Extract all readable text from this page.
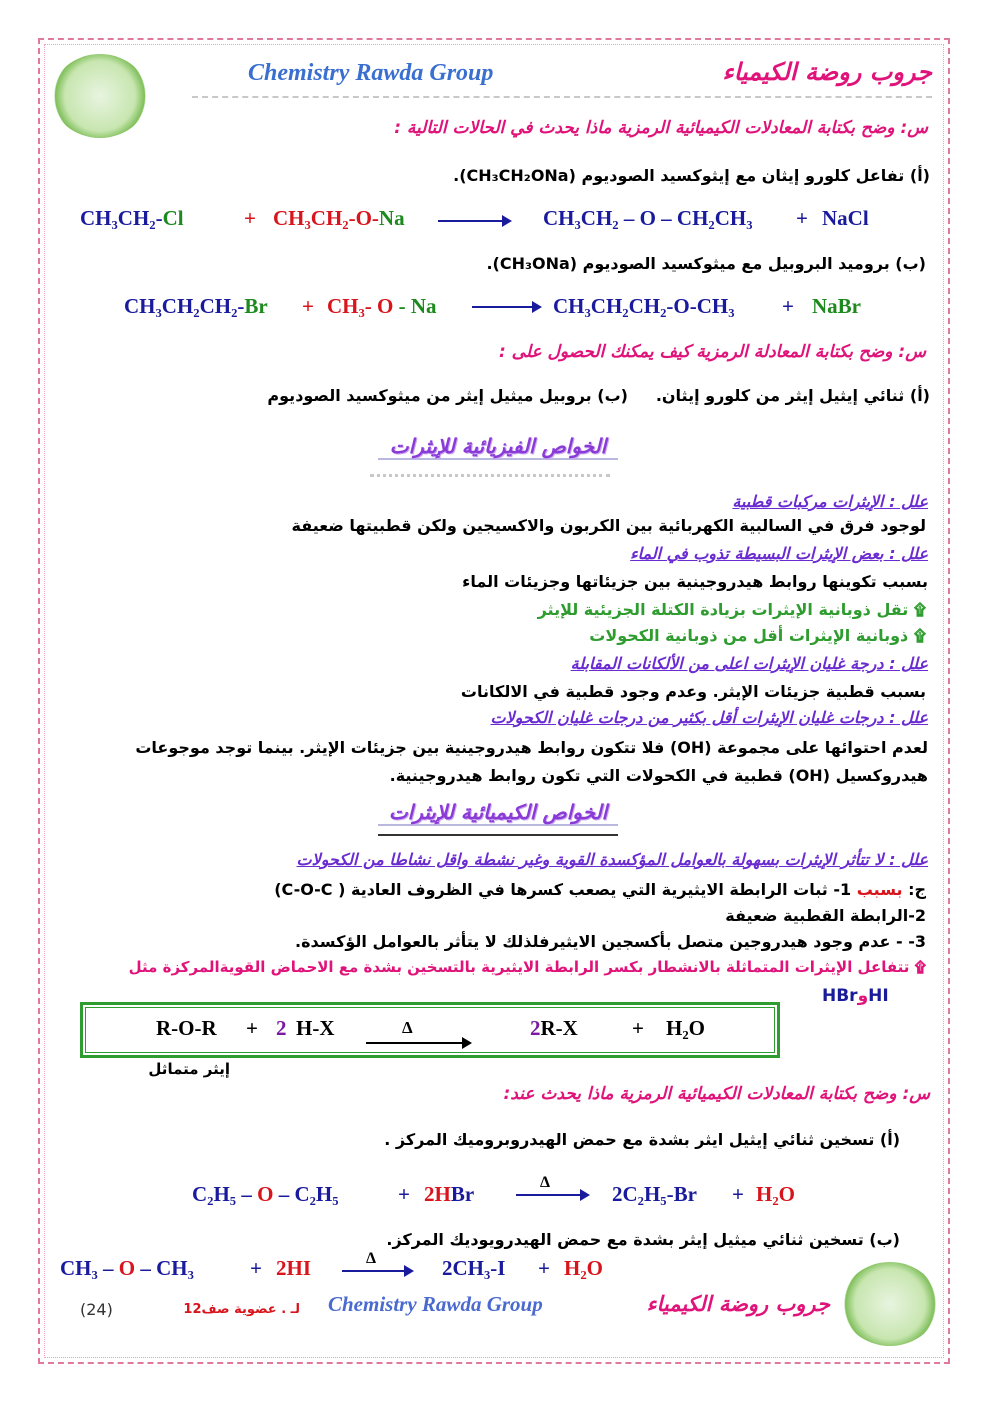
Chemistry Rawda Group	جروب روضة الكيمياء
س: وضح بكتابة المعادلات الكيميائية الرمزية ماذا يحدث في الحالات التالية :
(أ) تفاعل كلورو إيثان مع إيثوكسيد الصوديوم (CH₃CH₂ONa).
CH₃CH₂-Cl	+ CH₃CH₂-O-Na	CH₃CH₂ – O – CH₂CH₃ + NaCl
(ب) بروميد البروبيل مع ميثوكسيد الصوديوم (CH₃ONa).
CH₃CH₂CH₂-Br + CH₃- O - Na	CH₃CH₂CH₂-O-CH₃ + NaBr
س: وضح بكتابة المعادلة الرمزية كيف يمكنك الحصول على :
(أ) ثنائي إيثيل إيثر من كلورو إيثان.     (ب) بروبيل ميثيل إيثر من ميثوكسيد الصوديوم
الخواص الفيزيائية للإيثرات
علل : الإيثرات مركبات قطبية
لوجود فرق في السالبية الكهربائية بين الكربون والاكسيجين ولكن قطبيتها ضعيفة
علل : بعض الإيثرات البسيطة تذوب في الماء
بسبب تكوينها روابط هيدروجينية بين جزيئاتها وجزيئات الماء
۩ تقل ذوبانية الإيثرات بزيادة الكتلة الجزيئية للإيثر
۩ ذوبانية الإيثرات أقل من ذوبانية الكحولات
علل : درجة غليان الإيثرات اعلى من الألكانات المقابلة
بسبب قطبية جزيئات الإيثر. وعدم وجود قطبية في الالكانات
علل : درجات غليان الإيثرات أقل بكثير من درجات غليان الكحولات
لعدم احتوائها على مجموعة (OH) فلا تتكون روابط هيدروجينية بين جزيئات الإيثر. بينما توجد موجوعات
هيدروكسيل (OH) قطبية في الكحولات التي تكون روابط هيدروجينية.
الخواص الكيميائية للإيثرات
علل : لا تتأثر الإيثرات بسهولة بالعوامل المؤكسدة القوية وغير نشطة واقل نشاطا من الكحولات
ج: بسبب 1- ثبات الرابطة الايثيرية التي يصعب كسرها في الظروف العادية ( C-O-C)
2-الرابطة القطبية ضعيفة
3- - عدم وجود هيدروجين متصل بأكسجين الايثيرفلذلك لا يتأثر بالعوامل الؤكسدة.
۩ تتفاعل الإيثرات المتماثلة بالانشطار بكسر الرابطة الايثيرية بالتسخين بشدة مع الاحماض القويةالمركزة مثل
HBrوHI
R-O-R + 2 H-X	Δ	2R-X	+ H₂O
إيثر متماثل
س: وضح بكتابة المعادلات الكيميائية الرمزية ماذا يحدث عند:
(أ) تسخين ثنائي إيثيل ايثر بشدة مع حمض الهيدروبروميك المركز .
C₂H₅ – O – C₂H₅	+ 2HBr	Δ	2C₂H₅-Br + H₂O
(ب) تسخين ثنائي ميثيل إيثر بشدة مع حمض الهيدرويوديك المركز.
CH₃ – O – CH₃	+ 2HI	Δ	2CH₃-I + H₂O
(24)	لـ . عضوية صف12 Chemistry Rawda Group	جروب روضة الكيمياء
